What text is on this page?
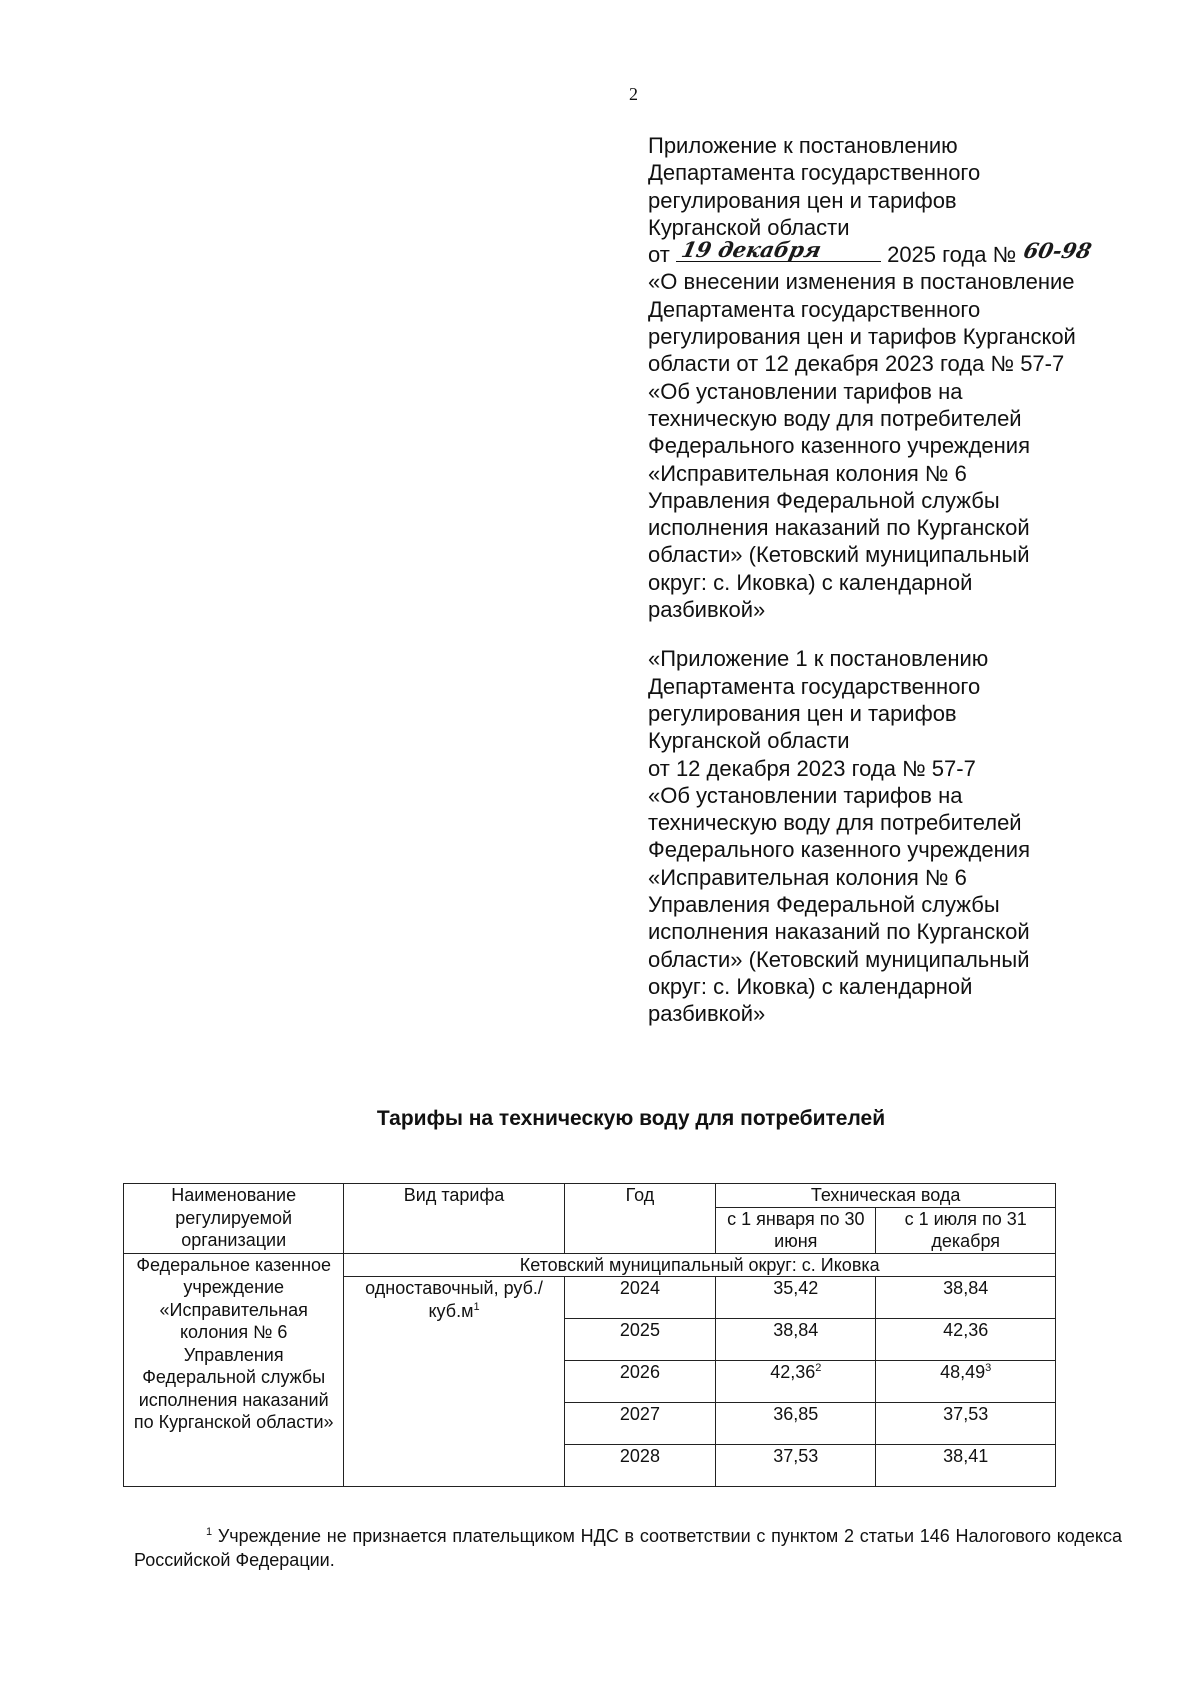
2

Приложение к постановлению
Департамента государственного
регулирования цен и тарифов
Курганской области
от 19 декабря	2025 года № 60-98
«О внесении изменения в постановление
Департамента государственного
регулирования цен и тарифов Курганской
области от 12 декабря 2023 года № 57-7
«Об установлении тарифов на
техническую воду для потребителей
Федерального казенного учреждения
«Исправительная колония № 6
Управления Федеральной службы
исполнения наказаний по Курганской
области» (Кетовский муниципальный
округ: с. Иковка) с календарной
разбивкой»

«Приложение 1 к постановлению
Департамента государственного
регулирования цен и тарифов
Курганской области
от 12 декабря 2023 года № 57-7
«Об установлении тарифов на
техническую воду для потребителей
Федерального казенного учреждения
«Исправительная колония № 6
Управления Федеральной службы
исполнения наказаний по Курганской
области» (Кетовский муниципальный
округ: с. Иковка) с календарной
разбивкой»

Тарифы на техническую воду для потребителей
Наименование регулируемой организации	Вид тарифа	Год	Техническая вода	
			с 1 января по 30 июня	с 1 июля по 31 декабря
Федеральное казенное учреждение «Исправительная колония № 6 Управления Федеральной службы исполнения наказаний по Курганской области»	Кетовский муниципальный округ: с. Иковка			
	одноставочный, $руб./куб.м^1$	2024	35,42	38,84
		2025	38,84	42,36
		2026	42,36$^2$	48,49$^3$
		2027	36,85	37,53
		2028	37,53	38,41
$^1$ Учреждение не признается плательщиком НДС в соответствии с пунктом 2 статьи 146 Налогового кодекса Российской Федерации.
